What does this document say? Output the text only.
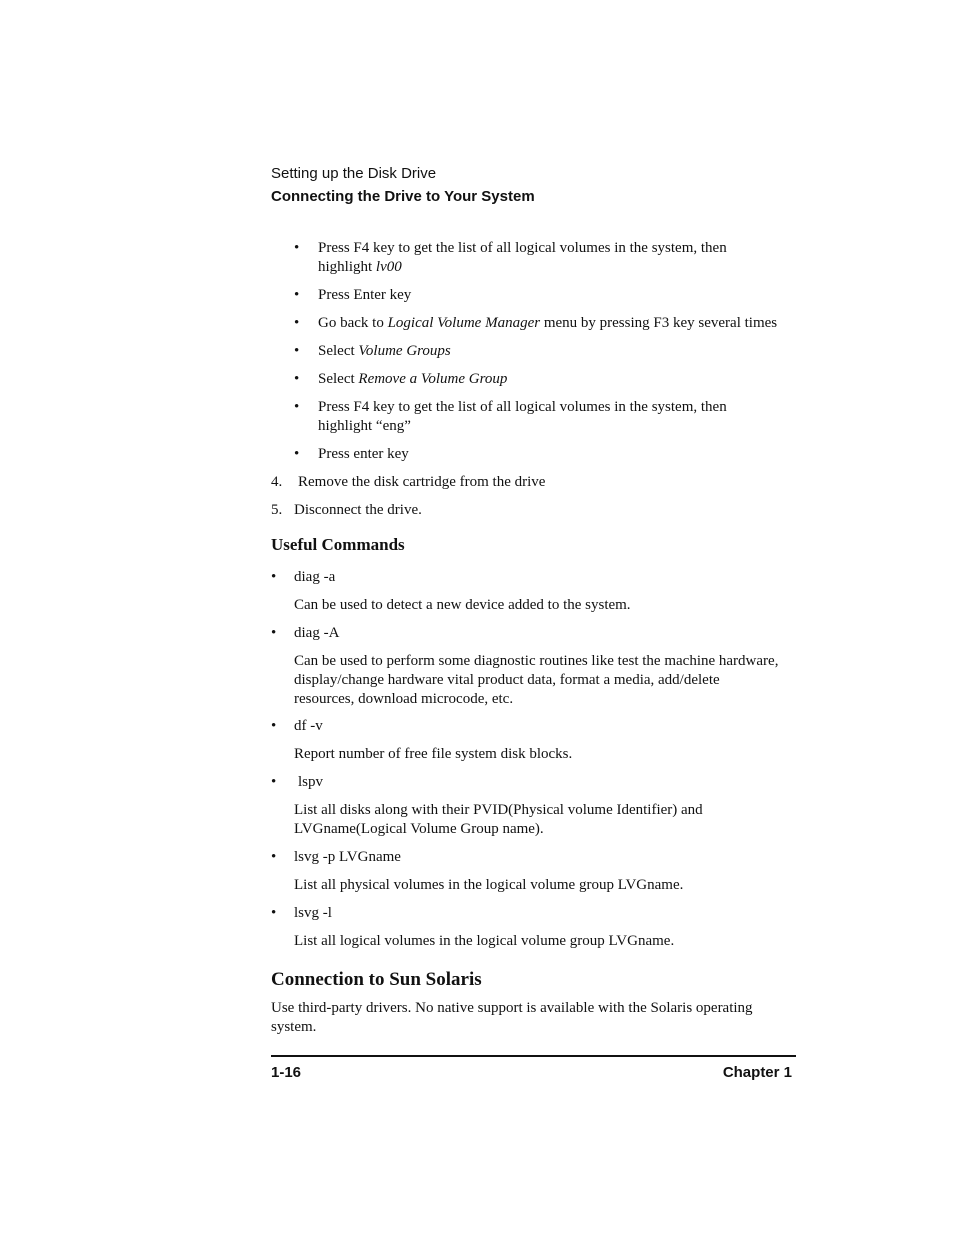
Setting up the Disk Drive
Connecting the Drive to Your System
• Press F4 key to get the list of all logical volumes in the system, then
highlight lv00
• Press Enter key
• Go back to Logical Volume Manager menu by pressing F3 key several times
• Select Volume Groups
• Select Remove a Volume Group
• Press F4 key to get the list of all logical volumes in the system, then
highlight “eng”
• Press enter key
4. Remove the disk cartridge from the drive
5. Disconnect the drive.
Useful Commands
• diag -a
Can be used to detect a new device added to the system.
• diag -A
Can be used to perform some diagnostic routines like test the machine hardware,
display/change hardware vital product data, format a media, add/delete
resources, download microcode, etc.
• df -v
Report number of free file system disk blocks.
• lspv
List all disks along with their PVID(Physical volume Identifier) and
LVGname(Logical Volume Group name).
• lsvg -p LVGname
List all physical volumes in the logical volume group LVGname.
• lsvg -l
List all logical volumes in the logical volume group LVGname.
Connection to Sun Solaris
Use third-party drivers. No native support is available with the Solaris operating
system.
1-16	Chapter 1
